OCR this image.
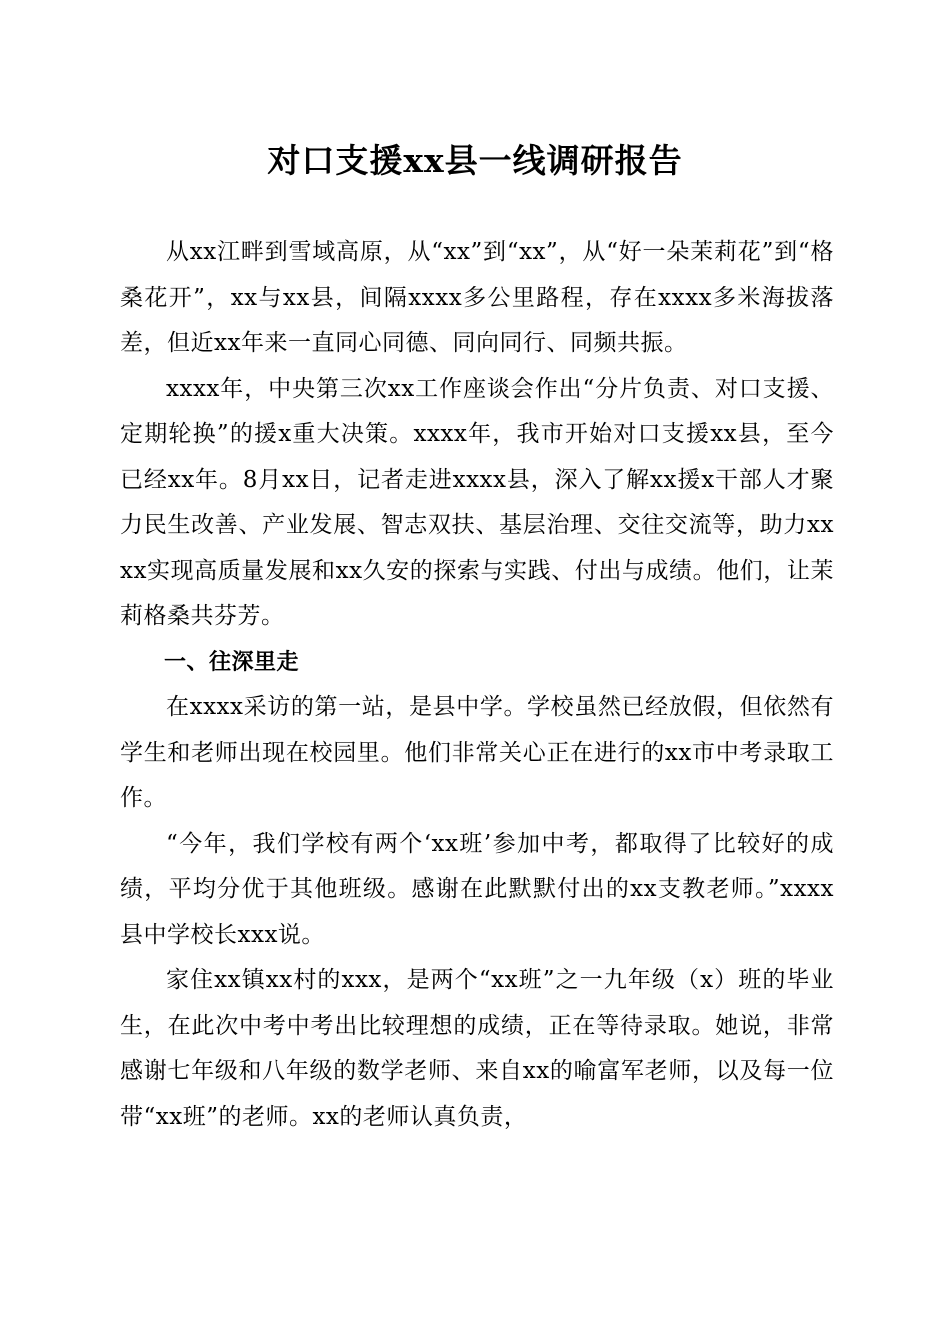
对口支援xx县一线调研报告

从xx江畔到雪域高原，从“xx”到“xx”，从“好一朵茉莉花”到“格桑花开”，xx与xx县，间隔xxxx多公里路程，存在xxxx多米海拔落差，但近xx年来一直同心同德、同向同行、同频共振。

xxxx年，中央第三次xx工作座谈会作出“分片负责、对口支援、定期轮换”的援x重大决策。xxxx年，我市开始对口支援xx县，至今已经xx年。8月xx日，记者走进xxxx县，深入了解xx援x干部人才聚力民生改善、产业发展、智志双扶、基层治理、交往交流等，助力xxxx实现高质量发展和xx久安的探索与实践、付出与成绩。他们，让茉莉格桑共芬芳。

一、往深里走

在xxxx采访的第一站，是县中学。学校虽然已经放假，但依然有学生和老师出现在校园里。他们非常关心正在进行的xx市中考录取工作。

“今年，我们学校有两个‘xx班’参加中考，都取得了比较好的成绩，平均分优于其他班级。感谢在此默默付出的xx支教老师。”xxxx县中学校长xxx说。

家住xx镇xx村的xxx，是两个“xx班”之一九年级（x）班的毕业生，在此次中考中考出比较理想的成绩，正在等待录取。她说，非常感谢七年级和八年级的数学老师、来自xx的喻富军老师，以及每一位带“xx班”的老师。xx的老师认真负责，
